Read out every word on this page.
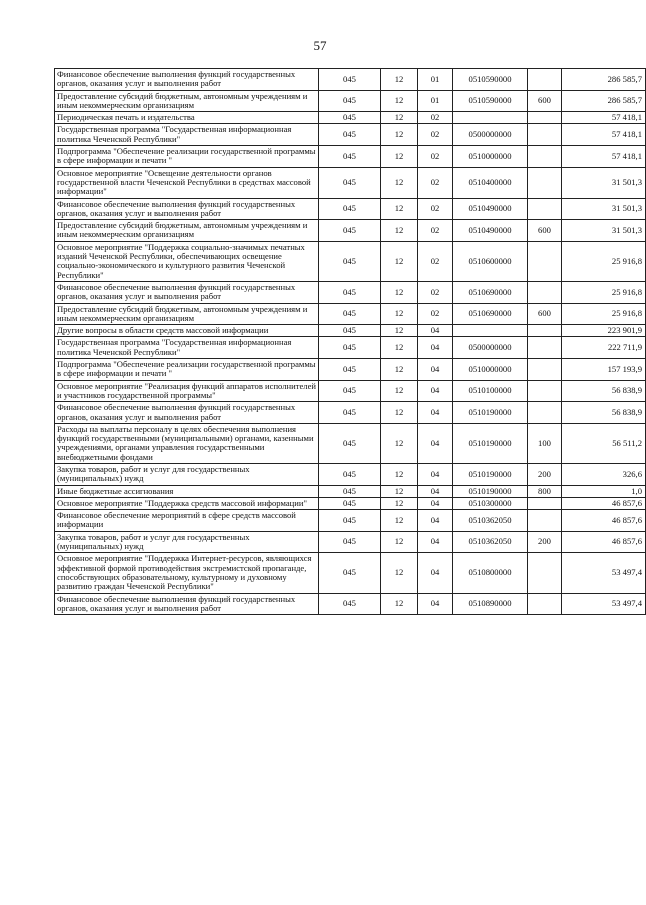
57
Финансовое обеспечение выполнения функций государственных органов, оказания услуг и выполнения работ	045	12	01	0510590000		286 585,7
Предоставление субсидий бюджетным, автономным учреждениям и иным некоммерческим организациям	045	12	01	0510590000	600	286 585,7
Периодическая печать и издательства	045	12	02			57 418,1
Государственная программа "Государственная информационная политика Чеченской Республики"	045	12	02	0500000000		57 418,1
Подпрограмма "Обеспечение реализации государственной программы в сфере информации и печати "	045	12	02	0510000000		57 418,1
Основное мероприятие "Освещение деятельности органов государственной власти Чеченской Республики в средствах массовой информации"	045	12	02	0510400000		31 501,3
Финансовое обеспечение выполнения функций государственных органов, оказания услуг и выполнения работ	045	12	02	0510490000		31 501,3
Предоставление субсидий бюджетным, автономным учреждениям и иным некоммерческим организациям	045	12	02	0510490000	600	31 501,3
Основное мероприятие "Поддержка социально-значимых печатных изданий Чеченской Республики, обеспечивающих освещение социально-экономического и культурного развития Чеченской Республики"	045	12	02	0510600000		25 916,8
Финансовое обеспечение выполнения функций государственных органов, оказания услуг и выполнения работ	045	12	02	0510690000		25 916,8
Предоставление субсидий бюджетным, автономным учреждениям и иным некоммерческим организациям	045	12	02	0510690000	600	25 916,8
Другие вопросы в области средств массовой информации	045	12	04			223 901,9
Государственная программа "Государственная информационная политика Чеченской Республики"	045	12	04	0500000000		222 711,9
Подпрограмма "Обеспечение реализации государственной программы в сфере информации и печати "	045	12	04	0510000000		157 193,9
Основное мероприятие "Реализация функций аппаратов исполнителей и участников государственной программы"	045	12	04	0510100000		56 838,9
Финансовое обеспечение выполнения функций государственных органов, оказания услуг и выполнения работ	045	12	04	0510190000		56 838,9
Расходы на выплаты персоналу в целях обеспечения выполнения функций государственными (муниципальными) органами, казенными учреждениями, органами управления государственными внебюджетными фондами	045	12	04	0510190000	100	56 511,2
Закупка товаров, работ и услуг для государственных (муниципальных) нужд	045	12	04	0510190000	200	326,6
Иные бюджетные ассигнования	045	12	04	0510190000	800	1,0
Основное мероприятие "Поддержка средств массовой информации"	045	12	04	0510300000		46 857,6
Финансовое обеспечение мероприятий в сфере средств массовой информации	045	12	04	0510362050		46 857,6
Закупка товаров, работ и услуг для государственных (муниципальных) нужд	045	12	04	0510362050	200	46 857,6
Основное мероприятие "Поддержка Интернет-ресурсов, являющихся эффективной формой противодействия экстремистской пропаганде, способствующих образовательному, культурному и духовному развитию граждан Чеченской Республики"	045	12	04	0510800000		53 497,4
Финансовое обеспечение выполнения функций государственных органов, оказания услуг и выполнения работ	045	12	04	0510890000		53 497,4
